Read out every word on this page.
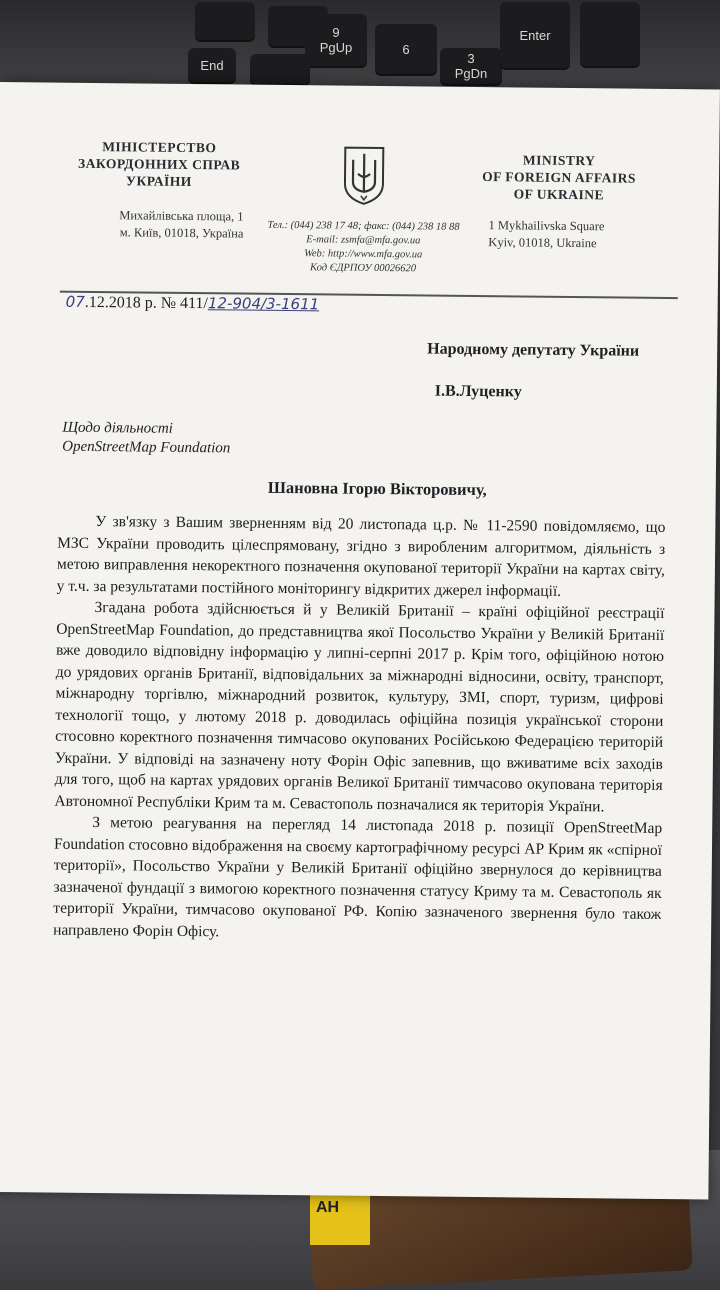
9
PgUp	6
3
PgDn
End
Enter

АН
МІНІСТЕРСТВО
ЗАКОРДОННИХ СПРАВ
УКРАЇНИ
MINISTRY
OF FOREIGN AFFAIRS
OF UKRAINE
Михайлівська площа, 1
м. Київ, 01018, Україна	Тел.: (044) 238 17 48; факс: (044) 238 18 88
E-mail: zsmfa@mfa.gov.ua
Web: http://www.mfa.gov.ua
Код ЄДРПОУ 00026620
1 Mykhailivska Square
Kyiv, 01018, Ukraine
07.12.2018 р. № 411/12-904/3-1611
Народному депутату України
І.В.Луценку
Щодо діяльності
OpenStreetMap Foundation
Шановна Ігорю Вікторовичу,

У зв'язку з Вашим зверненням від 20 листопада ц.р. № 11-2590 повідомляємо, що МЗС України проводить цілеспрямовану, згідно з виробленим алгоритмом, діяльність з метою виправлення некоректного позначення окупованої території України на картах світу, у т.ч. за результатами постійного моніторингу відкритих джерел інформації.

Згадана робота здійснюється й у Великій Британії – країні офіційної реєстрації OpenStreetMap Foundation, до представництва якої Посольство України у Великій Британії вже доводило відповідну інформацію у липні-серпні 2017 р. Крім того, офіційною нотою до урядових органів Британії, відповідальних за міжнародні відносини, освіту, транспорт, міжнародну торгівлю, міжнародний розвиток, культуру, ЗМІ, спорт, туризм, цифрові технології тощо, у лютому 2018 р. доводилась офіційна позиція української сторони стосовно коректного позначення тимчасово окупованих Російською Федерацією територій України. У відповіді на зазначену ноту Форін Офіс запевнив, що вживатиме всіх заходів для того, щоб на картах урядових органів Великої Британії тимчасово окупована територія Автономної Республіки Крим та м. Севастополь позначалися як територія України.

З метою реагування на перегляд 14 листопада 2018 р. позиції OpenStreetMap Foundation стосовно відображення на своєму картографічному ресурсі АР Крим як «спірної території», Посольство України у Великій Британії офіційно звернулося до керівництва зазначеної фундації з вимогою коректного позначення статусу Криму та м. Севастополь як території України, тимчасово окупованої РФ. Копію зазначеного звернення було також направлено Форін Офісу.
